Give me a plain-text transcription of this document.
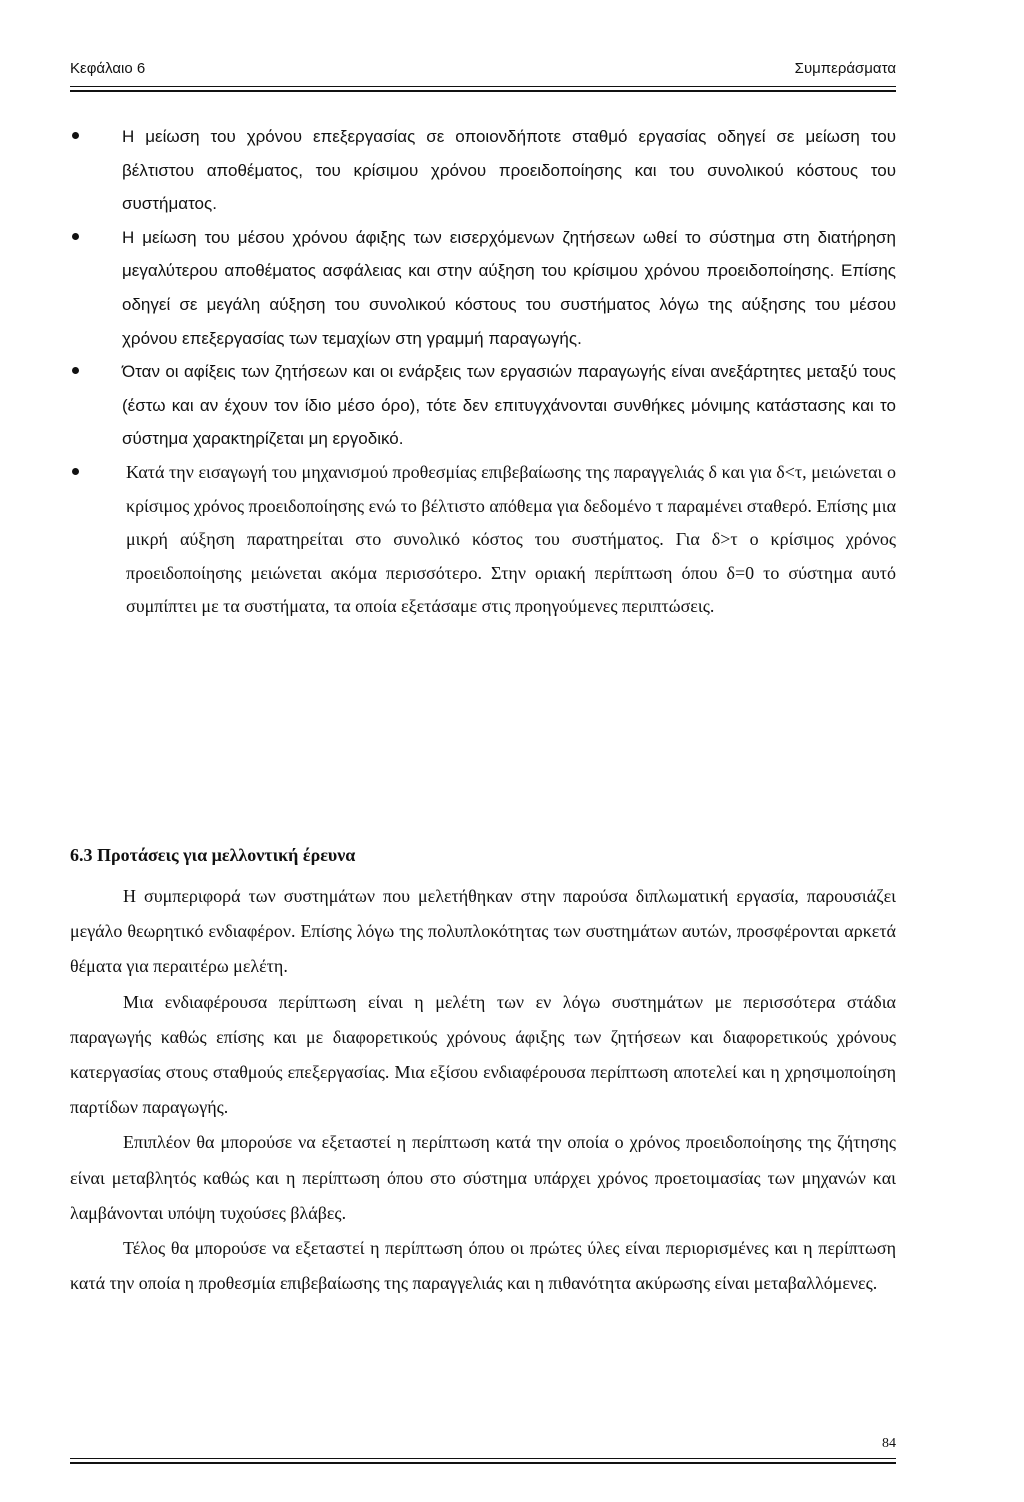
Κεφάλαιο 6	Συμπεράσματα
Η μείωση του χρόνου επεξεργασίας σε οποιονδήποτε σταθμό εργασίας οδηγεί σε μείωση του βέλτιστου αποθέματος, του κρίσιμου χρόνου προειδοποίησης και του συνολικού κόστους του συστήματος.
Η μείωση του μέσου χρόνου άφιξης των εισερχόμενων ζητήσεων ωθεί το σύστημα στη διατήρηση μεγαλύτερου αποθέματος ασφάλειας και στην αύξηση του κρίσιμου χρόνου προειδοποίησης. Επίσης οδηγεί σε μεγάλη αύξηση του συνολικού κόστους του συστήματος λόγω της αύξησης του μέσου χρόνου επεξεργασίας των τεμαχίων στη γραμμή παραγωγής.
Όταν οι αφίξεις των ζητήσεων και οι ενάρξεις των εργασιών παραγωγής είναι ανεξάρτητες μεταξύ τους (έστω και αν έχουν τον ίδιο μέσο όρο), τότε δεν επιτυγχάνονται συνθήκες μόνιμης κατάστασης και το σύστημα χαρακτηρίζεται μη εργοδικό.
Κατά την εισαγωγή του μηχανισμού προθεσμίας επιβεβαίωσης της παραγγελιάς δ και για δ<τ, μειώνεται ο κρίσιμος χρόνος προειδοποίησης ενώ το βέλτιστο απόθεμα για δεδομένο τ παραμένει σταθερό. Επίσης μια μικρή αύξηση παρατηρείται στο συνολικό κόστος του συστήματος. Για δ>τ ο κρίσιμος χρόνος προειδοποίησης μειώνεται ακόμα περισσότερο. Στην οριακή περίπτωση όπου δ=0 το σύστημα αυτό συμπίπτει με τα συστήματα, τα οποία εξετάσαμε στις προηγούμενες περιπτώσεις.
6.3 Προτάσεις για μελλοντική έρευνα

Η συμπεριφορά των συστημάτων που μελετήθηκαν στην παρούσα διπλωματική εργασία, παρουσιάζει μεγάλο θεωρητικό ενδιαφέρον. Επίσης λόγω της πολυπλοκότητας των συστημάτων αυτών, προσφέρονται αρκετά θέματα για περαιτέρω μελέτη.

Μια ενδιαφέρουσα περίπτωση είναι η μελέτη των εν λόγω συστημάτων με περισσότερα στάδια παραγωγής καθώς επίσης και με διαφορετικούς χρόνους άφιξης των ζητήσεων και διαφορετικούς χρόνους κατεργασίας στους σταθμούς επεξεργασίας. Μια εξίσου ενδιαφέρουσα περίπτωση αποτελεί και η χρησιμοποίηση παρτίδων παραγωγής.

Επιπλέον θα μπορούσε να εξεταστεί η περίπτωση κατά την οποία ο χρόνος προειδοποίησης της ζήτησης είναι μεταβλητός καθώς και η περίπτωση όπου στο σύστημα υπάρχει χρόνος προετοιμασίας των μηχανών και λαμβάνονται υπόψη τυχούσες βλάβες.

Τέλος θα μπορούσε να εξεταστεί η περίπτωση όπου οι πρώτες ύλες είναι περιορισμένες και η περίπτωση κατά την οποία η προθεσμία επιβεβαίωσης της παραγγελιάς και η πιθανότητα ακύρωσης είναι μεταβαλλόμενες.

84
